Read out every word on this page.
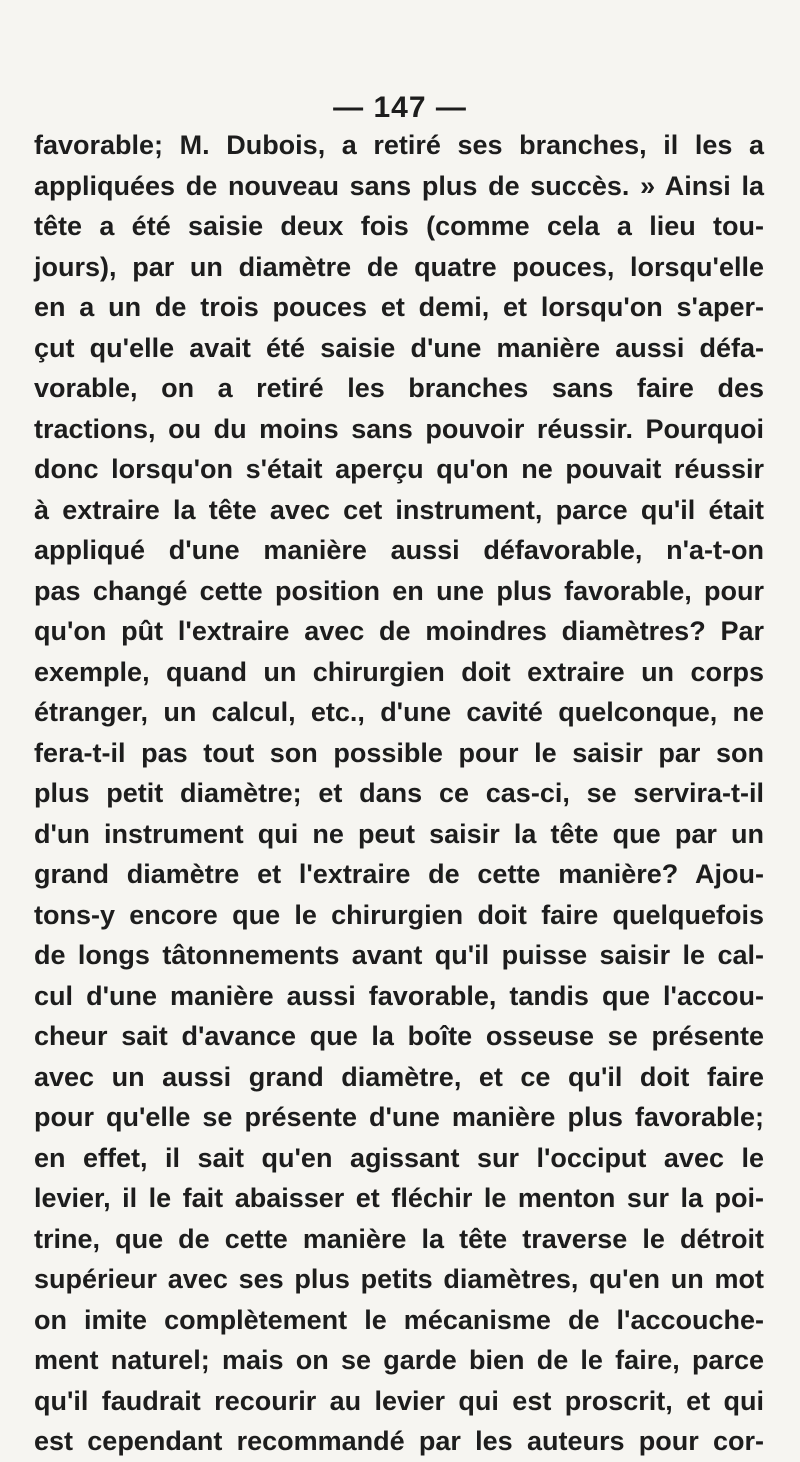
— 147 —
favorable; M. Dubois, a retiré ses branches, il les a
appliquées de nouveau sans plus de succès. » Ainsi la
tête a été saisie deux fois (comme cela a lieu tou-
jours), par un diamètre de quatre pouces, lorsqu'elle
en a un de trois pouces et demi, et lorsqu'on s'aper-
çut qu'elle avait été saisie d'une manière aussi défa-
vorable, on a retiré les branches sans faire des
tractions, ou du moins sans pouvoir réussir. Pourquoi
donc lorsqu'on s'était aperçu qu'on ne pouvait réussir
à extraire la tête avec cet instrument, parce qu'il était
appliqué d'une manière aussi défavorable, n'a-t-on
pas changé cette position en une plus favorable, pour
qu'on pût l'extraire avec de moindres diamètres? Par
exemple, quand un chirurgien doit extraire un corps
étranger, un calcul, etc., d'une cavité quelconque, ne
fera-t-il pas tout son possible pour le saisir par son
plus petit diamètre; et dans ce cas-ci, se servira-t-il
d'un instrument qui ne peut saisir la tête que par un
grand diamètre et l'extraire de cette manière? Ajou-
tons-y encore que le chirurgien doit faire quelquefois
de longs tâtonnements avant qu'il puisse saisir le cal-
cul d'une manière aussi favorable, tandis que l'accou-
cheur sait d'avance que la boîte osseuse se présente
avec un aussi grand diamètre, et ce qu'il doit faire
pour qu'elle se présente d'une manière plus favorable;
en effet, il sait qu'en agissant sur l'occiput avec le
levier, il le fait abaisser et fléchir le menton sur la poi-
trine, que de cette manière la tête traverse le détroit
supérieur avec ses plus petits diamètres, qu'en un mot
on imite complètement le mécanisme de l'accouche-
ment naturel; mais on se garde bien de le faire, parce
qu'il faudrait recourir au levier qui est proscrit, et qui
est cependant recommandé par les auteurs pour cor-
